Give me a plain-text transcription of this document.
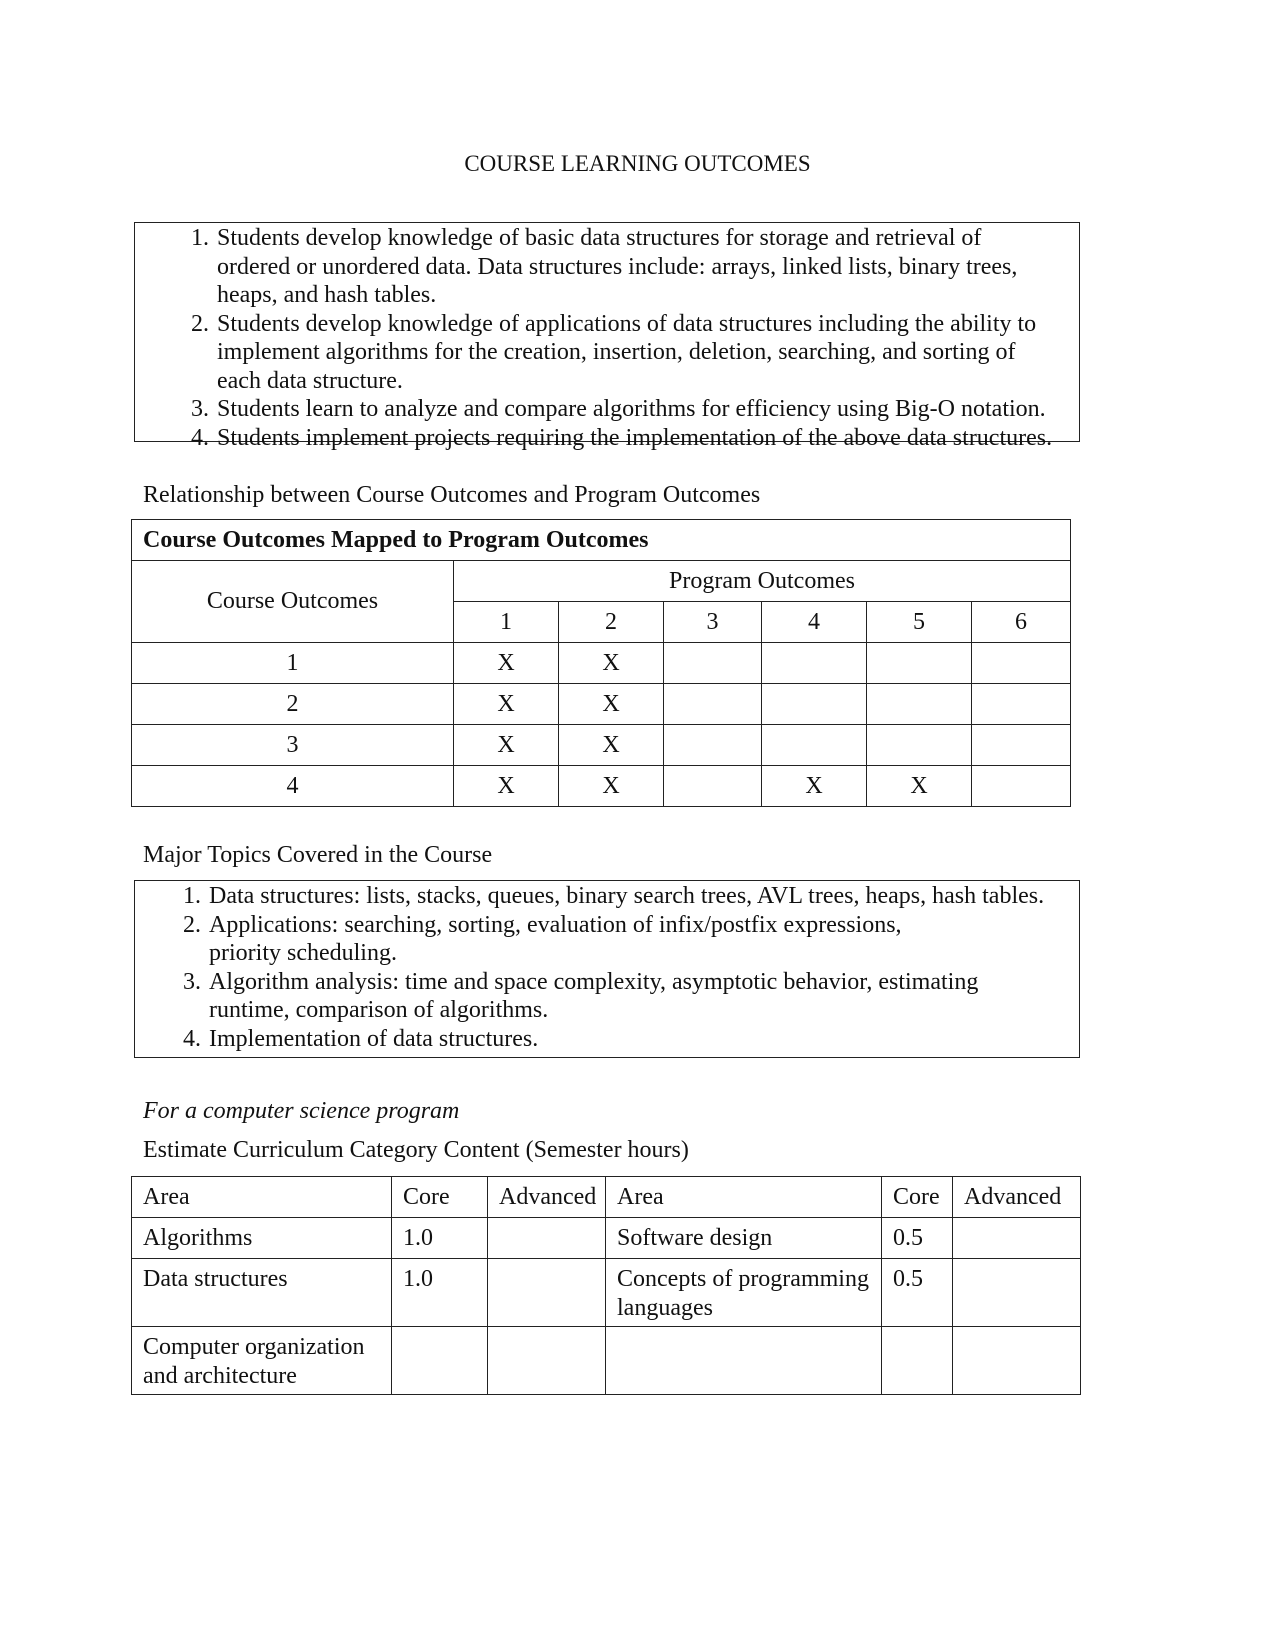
COURSE LEARNING OUTCOMES
1. Students develop knowledge of basic data structures for storage and retrieval of ordered or unordered data. Data structures include: arrays, linked lists, binary trees, heaps, and hash tables.
2. Students develop knowledge of applications of data structures including the ability to implement algorithms for the creation, insertion, deletion, searching, and sorting of each data structure.
3. Students learn to analyze and compare algorithms for efficiency using Big-O notation.
4. Students implement projects requiring the implementation of the above data structures.
Relationship between Course Outcomes and Program Outcomes
Course Outcomes Mapped to Program Outcomes						
Course Outcomes	Program Outcomes					
	1	2	3	4	5	6
1	X	X				
2	X	X				
3	X	X				
4	X	X		X	X	
Major Topics Covered in the Course
1. Data structures: lists, stacks, queues, binary search trees, AVL trees, heaps, hash tables.
2. Applications: searching, sorting, evaluation of infix/postfix expressions, priority scheduling.
3. Algorithm analysis: time and space complexity, asymptotic behavior, estimating runtime, comparison of algorithms.
4. Implementation of data structures.
For a computer science program
Estimate Curriculum Category Content (Semester hours)
Area	Core	Advanced	Area	Core	Advanced
Algorithms	1.0		Software design	0.5	
Data structures	1.0		Concepts of programming languages	0.5	
Computer organization and architecture					
